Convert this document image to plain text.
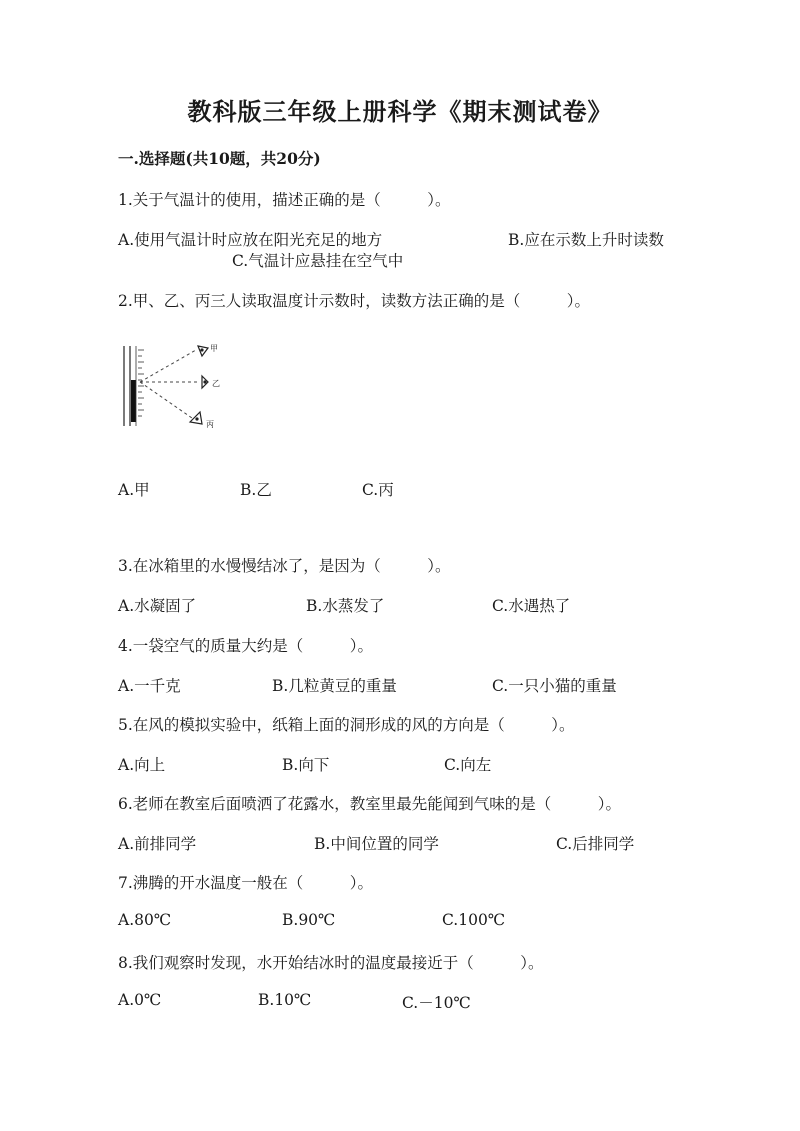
教科版三年级上册科学《期末测试卷》
一.选择题(共10题，共20分)
1.关于气温计的使用，描述正确的是（　　　）。
A.使用气温计时应放在阳光充足的地方	B.应在示数上升时读数
C.气温计应悬挂在空气中
2.甲、乙、丙三人读取温度计示数时，读数方法正确的是（　　　）。
甲
乙
丙
A.甲	B.乙	C.丙
3.在冰箱里的水慢慢结冰了，是因为（　　　）。
A.水凝固了	B.水蒸发了	C.水遇热了
4.一袋空气的质量大约是（　　　）。
A.一千克	B.几粒黄豆的重量	C.一只小猫的重量
5.在风的模拟实验中，纸箱上面的洞形成的风的方向是（　　　）。
A.向上	B.向下	C.向左
6.老师在教室后面喷洒了花露水，教室里最先能闻到气味的是（　　　）。
A.前排同学	B.中间位置的同学	C.后排同学
7.沸腾的开水温度一般在（　　　）。
A.80℃	B.90℃	C.100℃
8.我们观察时发现，水开始结冰时的温度最接近于（　　　）。
A.0℃	B.10℃	C.－10℃
